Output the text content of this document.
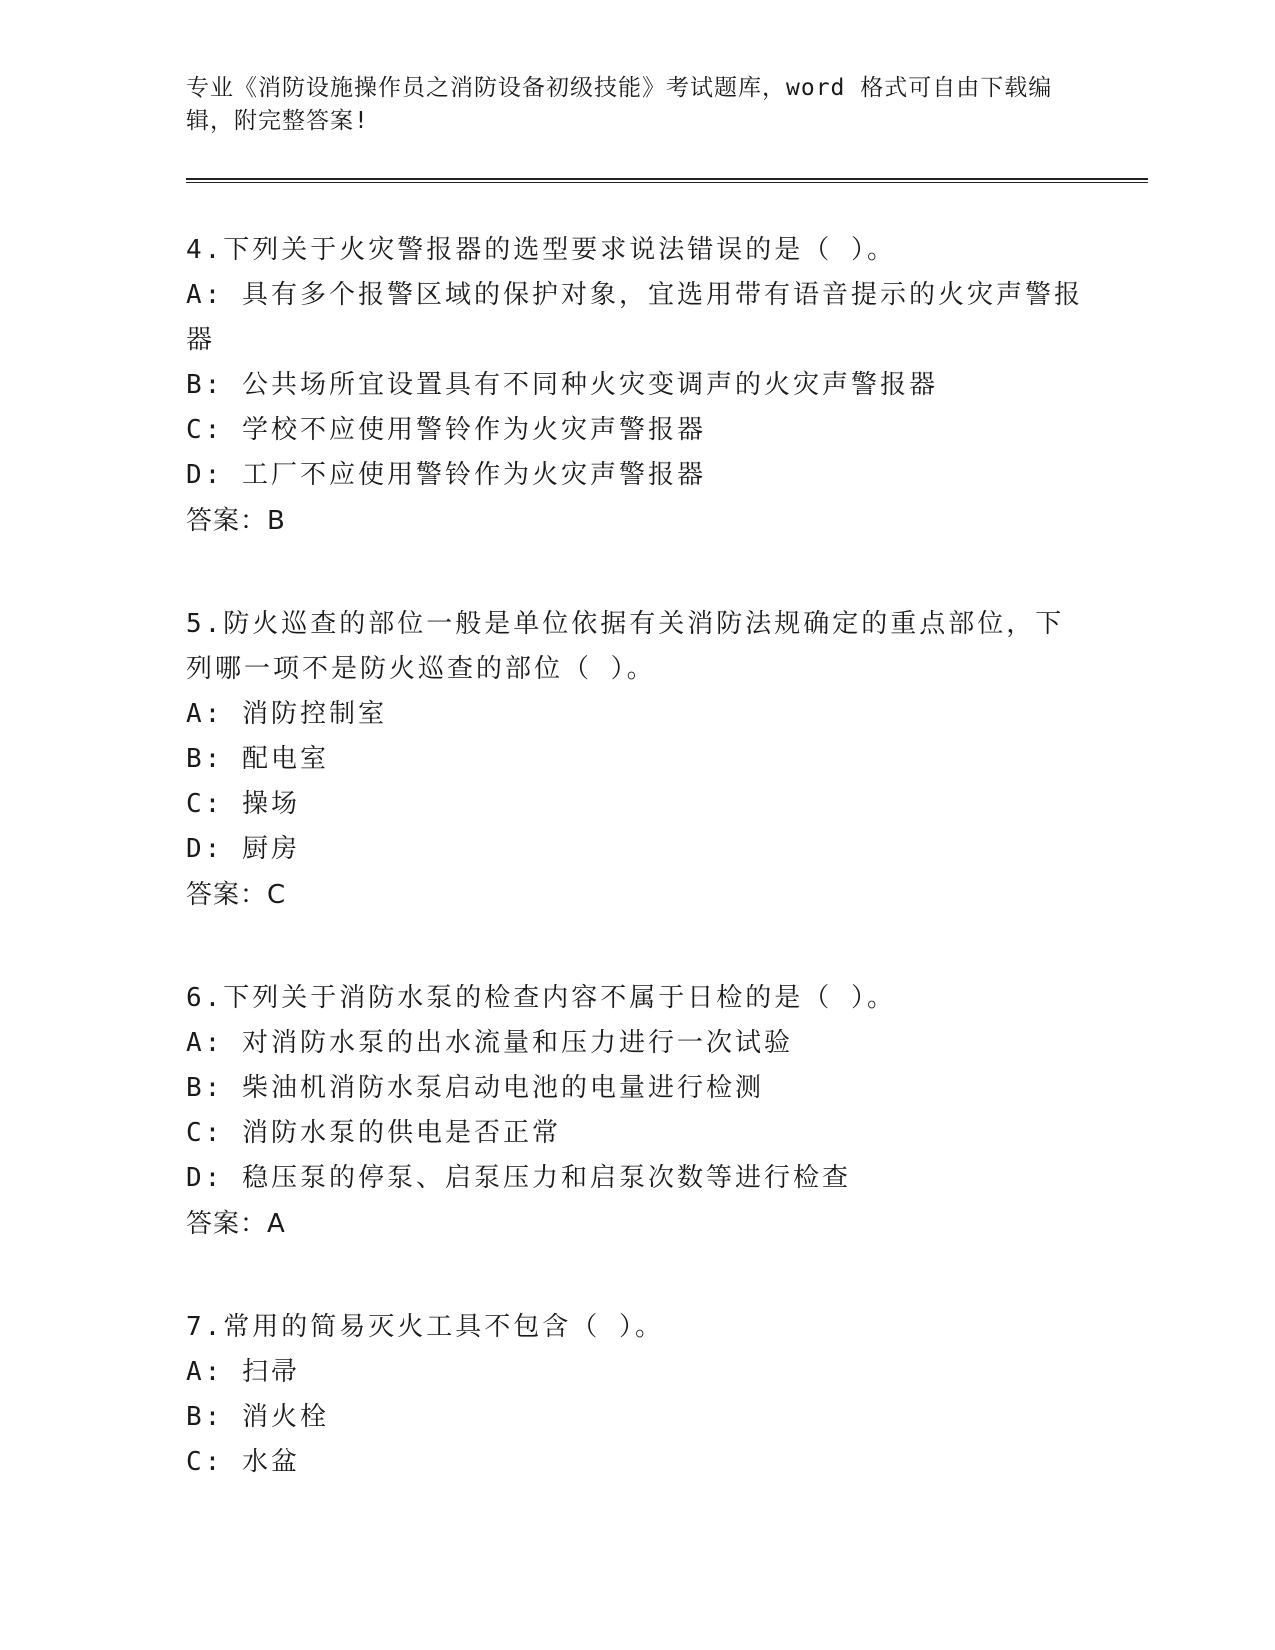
专业《消防设施操作员之消防设备初级技能》考试题库，word 格式可自由下载编辑，附完整答案!
4.下列关于火灾警报器的选型要求说法错误的是（ ）。
A: 具有多个报警区域的保护对象，宜选用带有语音提示的火灾声警报器
B: 公共场所宜设置具有不同种火灾变调声的火灾声警报器
C: 学校不应使用警铃作为火灾声警报器
D: 工厂不应使用警铃作为火灾声警报器
答案：B
5.防火巡查的部位一般是单位依据有关消防法规确定的重点部位，下列哪一项不是防火巡查的部位（ ）。
A: 消防控制室
B: 配电室
C: 操场
D: 厨房
答案：C
6.下列关于消防水泵的检查内容不属于日检的是（ ）。
A: 对消防水泵的出水流量和压力进行一次试验
B: 柴油机消防水泵启动电池的电量进行检测
C: 消防水泵的供电是否正常
D: 稳压泵的停泵、启泵压力和启泵次数等进行检查
答案：A
7.常用的简易灭火工具不包含（ ）。
A: 扫帚
B: 消火栓
C: 水盆
